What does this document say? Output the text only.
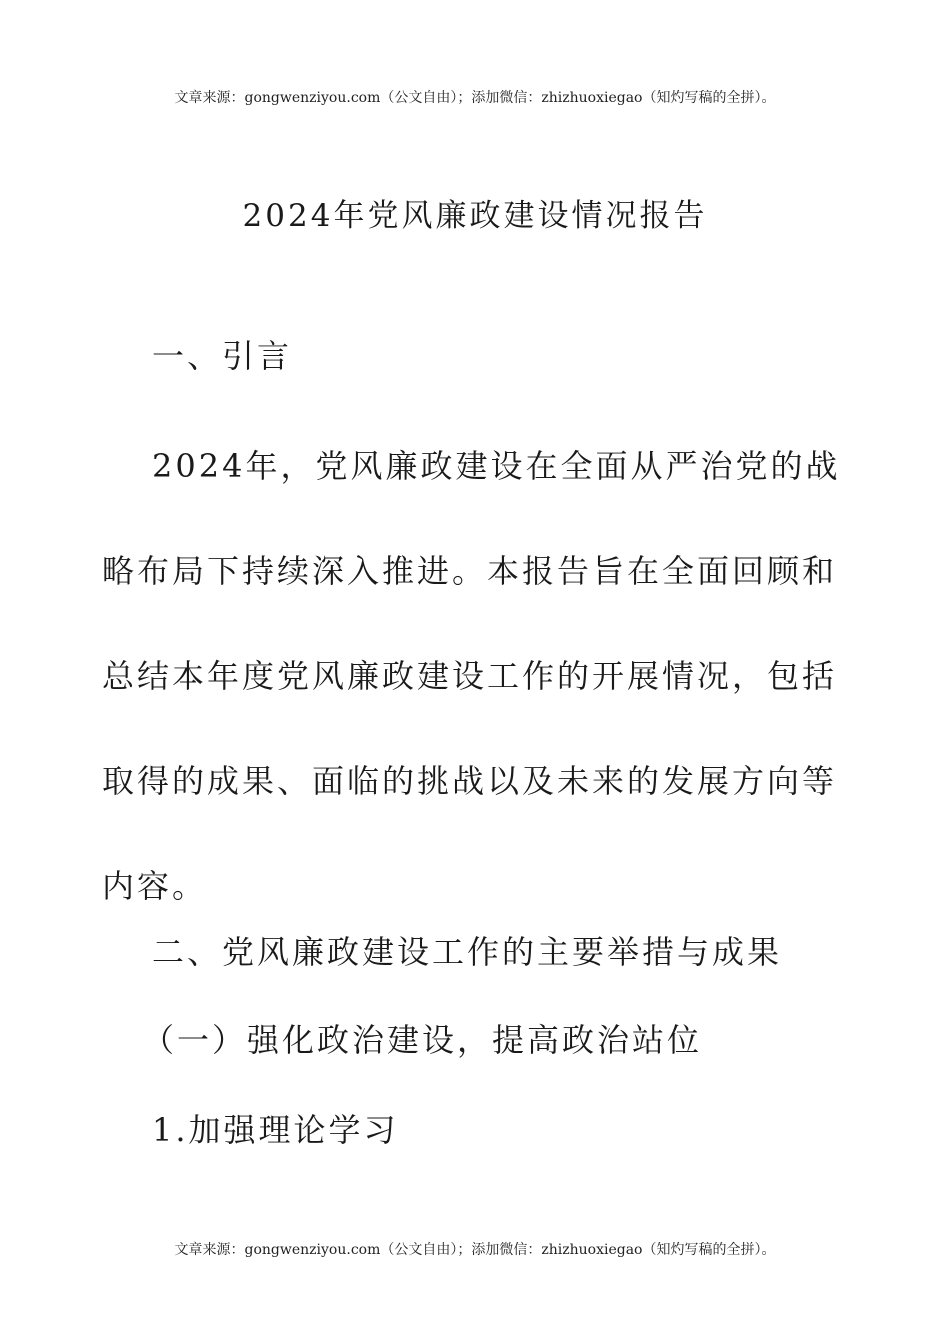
文章来源：gongwenziyou.com（公文自由）；添加微信：zhizhuoxiegao（知灼写稿的全拼）。
2024年党风廉政建设情况报告
一、引言
2024年，党风廉政建设在全面从严治党的战
略布局下持续深入推进。本报告旨在全面回顾和
总结本年度党风廉政建设工作的开展情况，包括
取得的成果、面临的挑战以及未来的发展方向等
内容。
二、党风廉政建设工作的主要举措与成果
（一）强化政治建设，提高政治站位
1.加强理论学习
文章来源：gongwenziyou.com（公文自由）；添加微信：zhizhuoxiegao（知灼写稿的全拼）。
